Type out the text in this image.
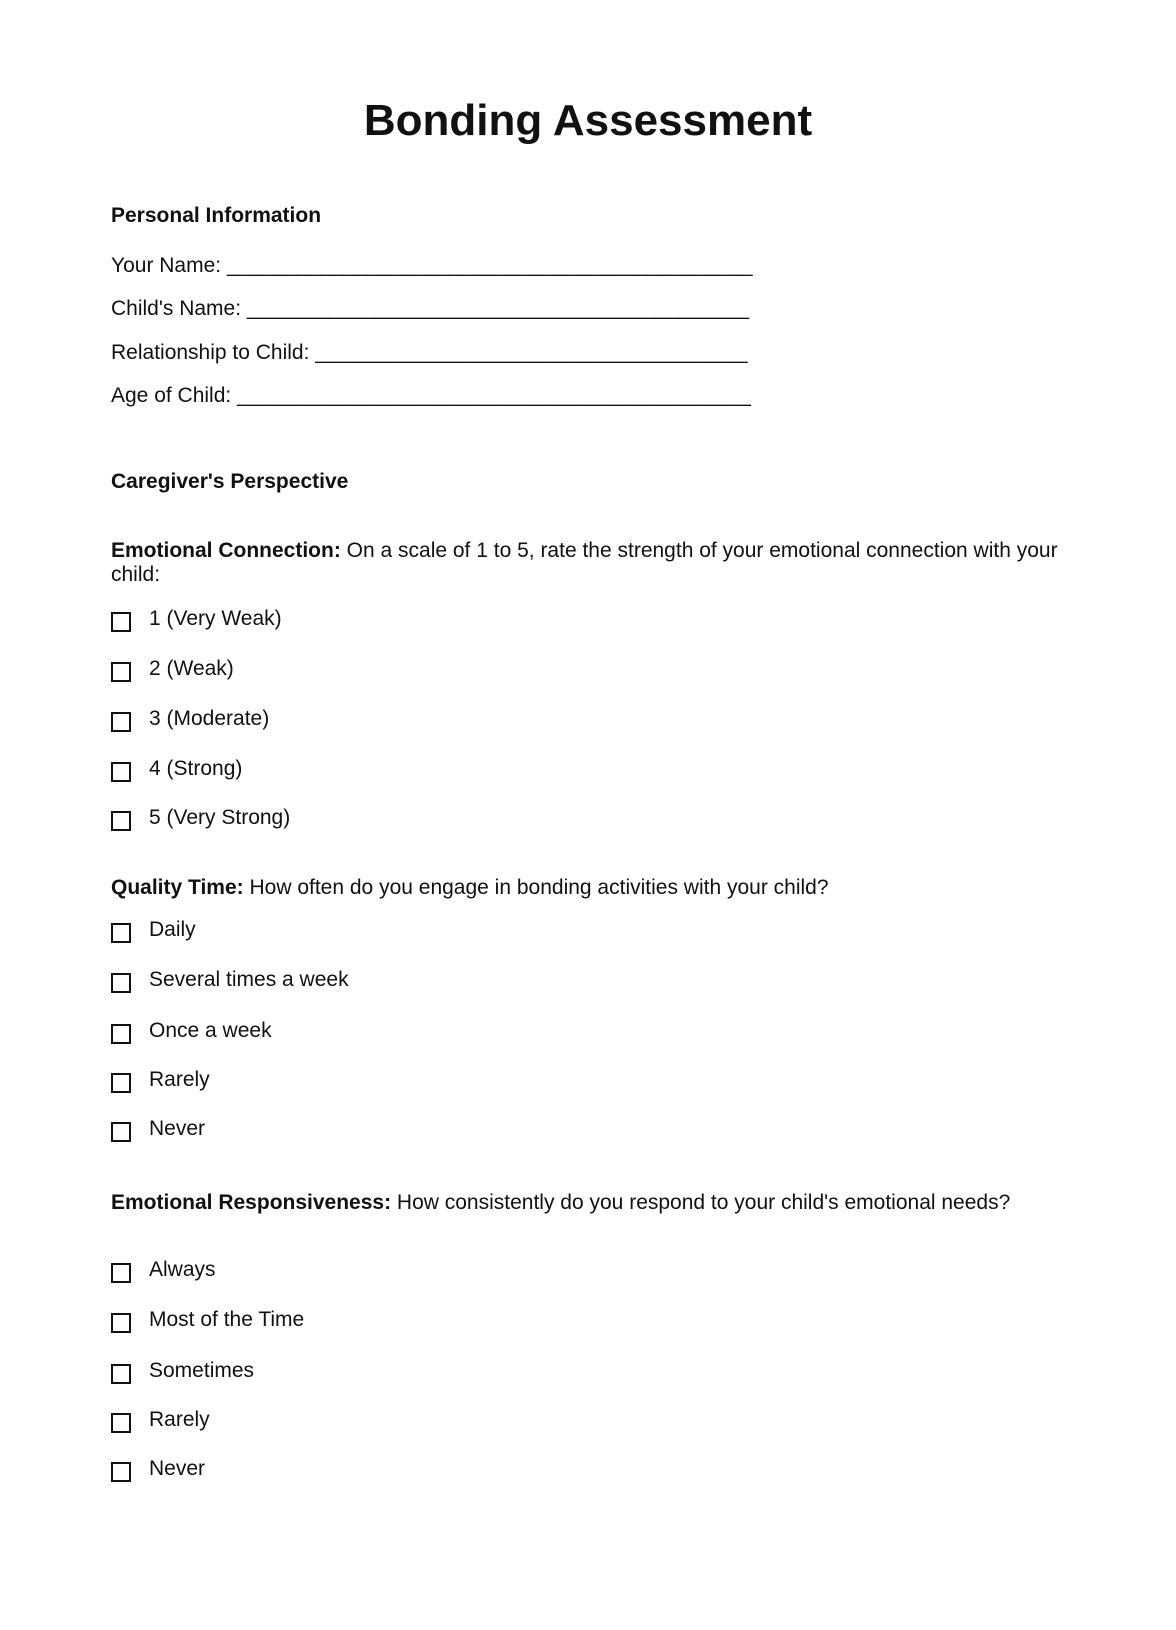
Bonding Assessment
Personal Information
Your Name: _____________________________________________
Child's Name: ___________________________________________
Relationship to Child: _____________________________________
Age of Child: ____________________________________________
Caregiver's Perspective
Emotional Connection: On a scale of 1 to 5, rate the strength of your emotional connection with your child:
1 (Very Weak)
2 (Weak)
3 (Moderate)
4 (Strong)
5 (Very Strong)
Quality Time: How often do you engage in bonding activities with your child?
Daily
Several times a week
Once a week
Rarely
Never
Emotional Responsiveness: How consistently do you respond to your child's emotional needs?
Always
Most of the Time
Sometimes
Rarely
Never
